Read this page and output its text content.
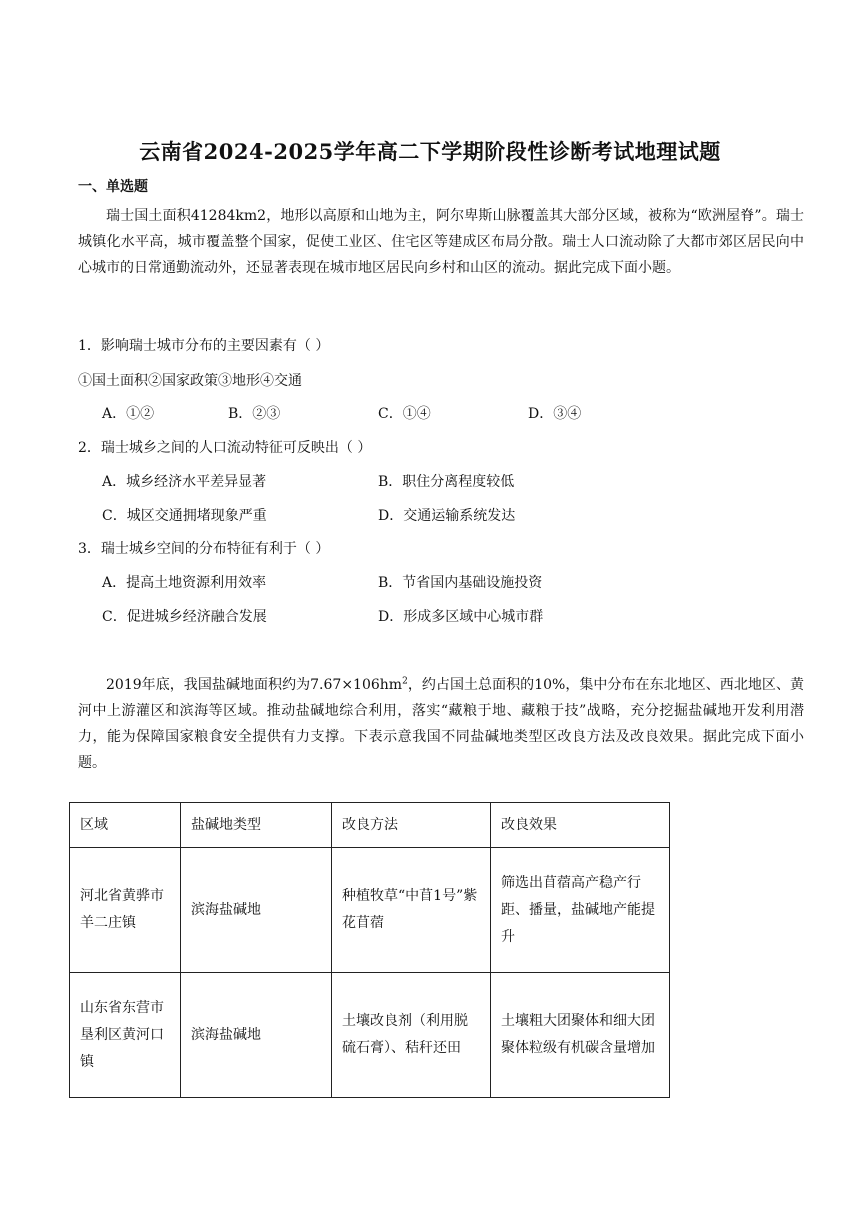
云南省2024-2025学年高二下学期阶段性诊断考试地理试题
一、单选题
瑞士国土面积41284km2，地形以高原和山地为主，阿尔卑斯山脉覆盖其大部分区域，被称为“欧洲屋脊”。瑞士城镇化水平高，城市覆盖整个国家，促使工业区、住宅区等建成区布局分散。瑞士人口流动除了大都市郊区居民向中心城市的日常通勤流动外，还显著表现在城市地区居民向乡村和山区的流动。据此完成下面小题。
1．影响瑞士城市分布的主要因素有（ ）
①国土面积②国家政策③地形④交通
A．①②	B．②③	C．①④	D．③④
2．瑞士城乡之间的人口流动特征可反映出（ ）
A．城乡经济水平差异显著	B．职住分离程度较低
C．城区交通拥堵现象严重	D．交通运输系统发达
3．瑞士城乡空间的分布特征有利于（ ）
A．提高土地资源利用效率	B．节省国内基础设施投资
C．促进城乡经济融合发展	D．形成多区域中心城市群
2019年底，我国盐碱地面积约为$7.67\times 106hm^2$，约占国土总面积的10%，集中分布在东北地区、西北地区、黄河中上游灌区和滨海等区域。推动盐碱地综合利用，落实“藏粮于地、藏粮于技”战略，充分挖掘盐碱地开发利用潜力，能为保障国家粮食安全提供有力支撑。下表示意我国不同盐碱地类型区改良方法及改良效果。据此完成下面小题。
区域	盐碱地类型	改良方法	改良效果
河北省黄骅市羊二庄镇	滨海盐碱地	种植牧草“中苜1号”紫花苜蓿	筛选出苜蓿高产稳产行距、播量，盐碱地产能提升
山东省东营市垦利区黄河口镇	滨海盐碱地	土壤改良剂（利用脱硫石膏）、秸秆还田	土壤粗大团聚体和细大团聚体粒级有机碳含量增加
